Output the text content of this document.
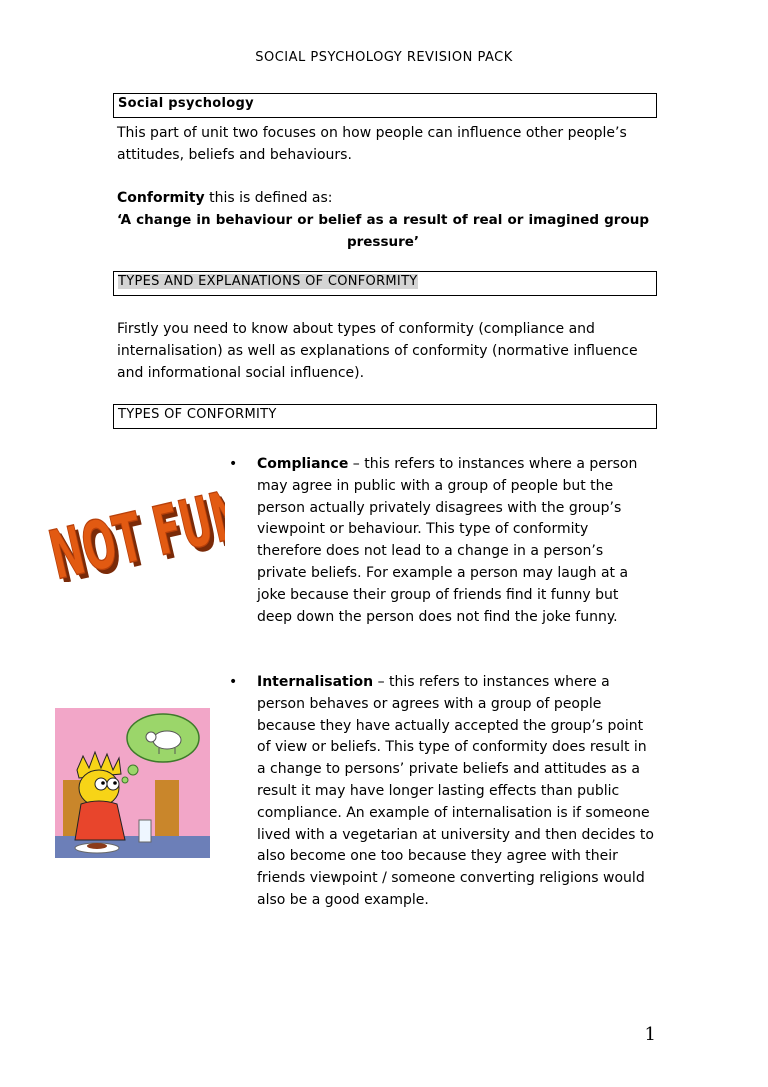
SOCIAL PSYCHOLOGY REVISION PACK
Social psychology
This part of unit two focuses on how people can influence other people’s attitudes, beliefs and behaviours.
Conformity this is defined as:
‘A change in behaviour or belief as a result of real or imagined group pressure’
TYPES AND EXPLANATIONS OF CONFORMITY
Firstly you need to know about types of conformity (compliance and internalisation) as well as explanations of conformity (normative influence and informational social influence).
TYPES OF CONFORMITY
• Compliance – this refers to instances where a person may agree in public with a group of people but the person actually privately disagrees with the group’s viewpoint or behaviour. This type of conformity therefore does not lead to a change in a person’s private beliefs. For example a person may laugh at a joke because their group of friends find it funny but deep down the person does not find the joke funny.
NOT FUNNY
NOT FUNNY
• Internalisation – this refers to instances where a person behaves or agrees with a group of people because they have actually accepted the group’s point of view or beliefs. This type of conformity does result in a change to persons’ private beliefs and attitudes as a result it may have longer lasting effects than public compliance. An example of internalisation is if someone lived with a vegetarian at university and then decides to also become one too because they agree with their friends viewpoint / someone converting religions would also be a good example.
1
